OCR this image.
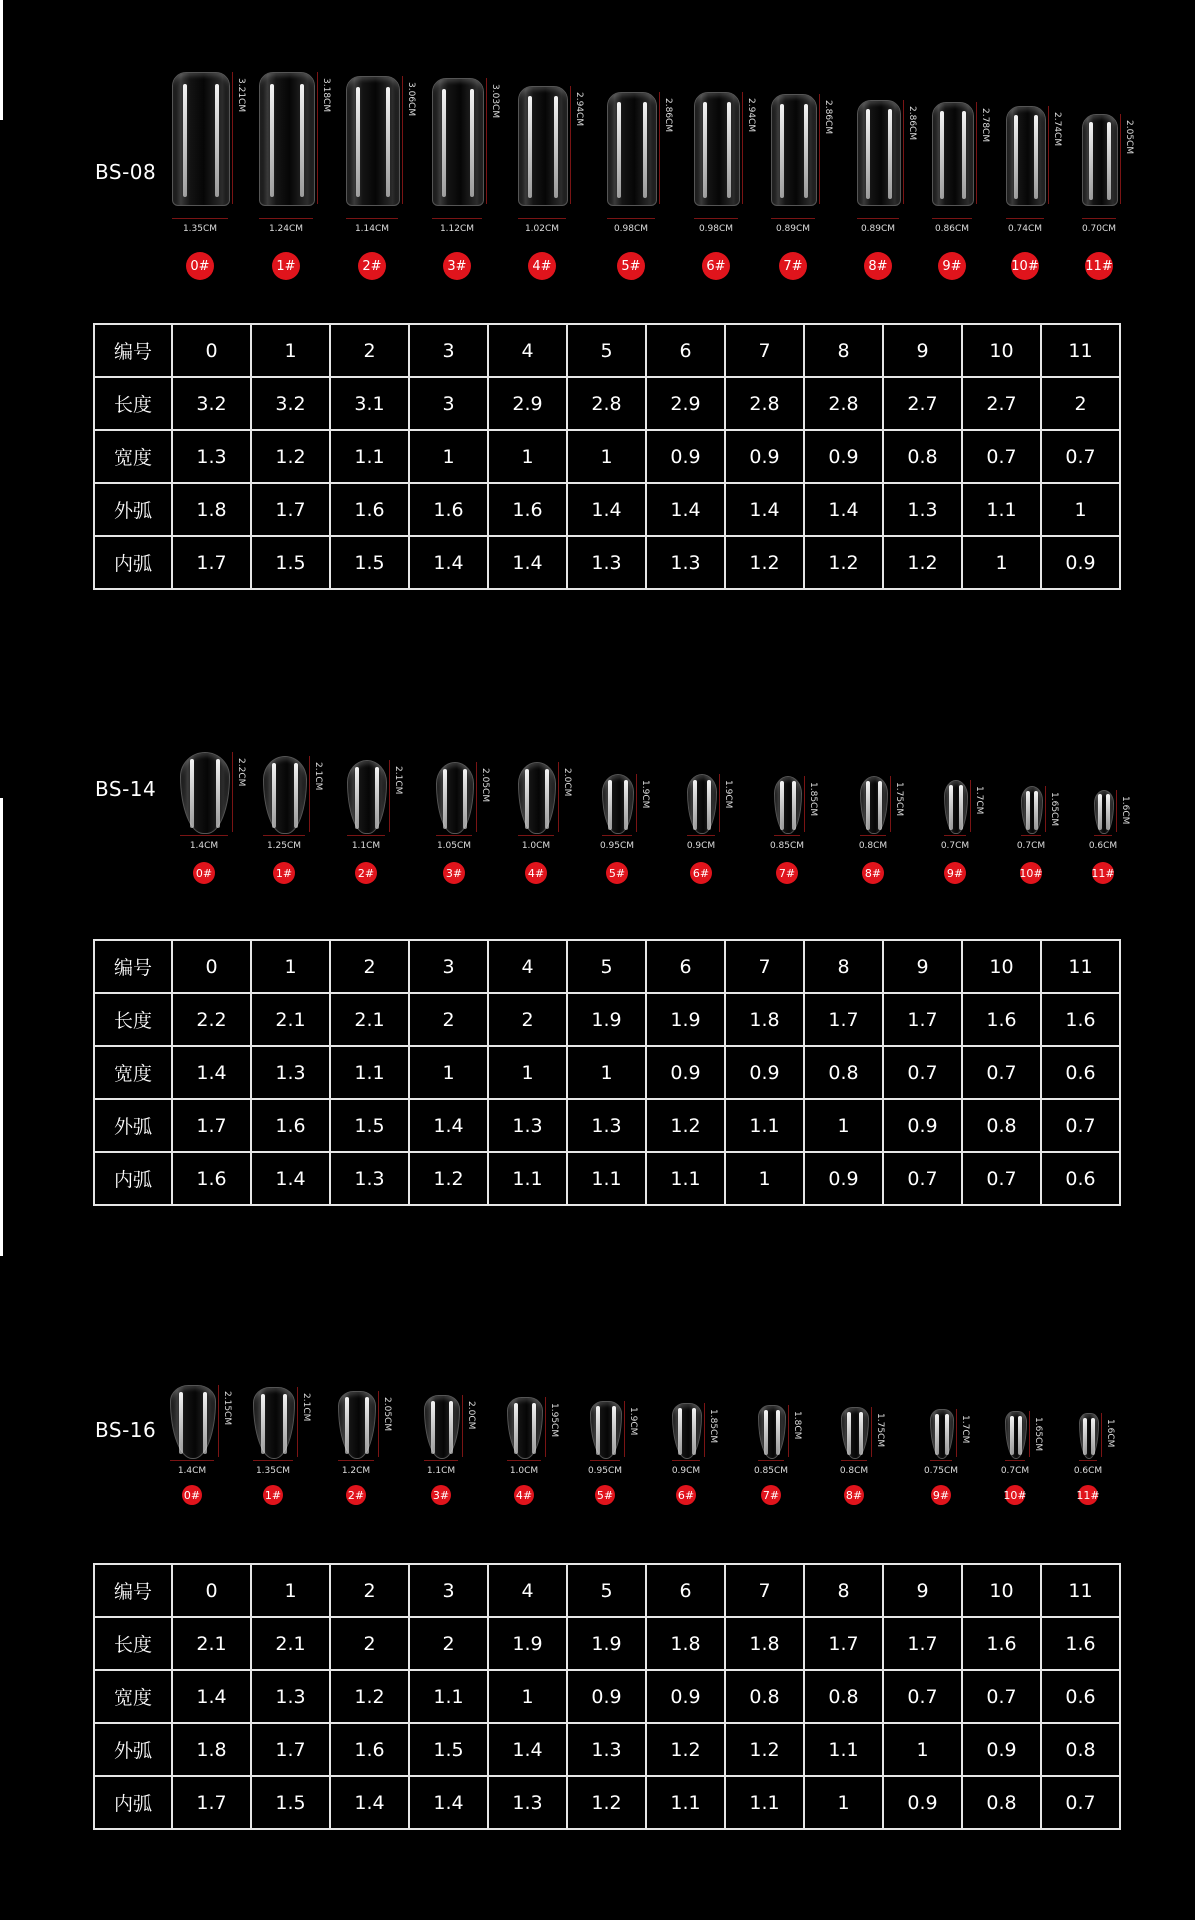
BS-08
3.21CM
1.35CM
0#
3.18CM
1.24CM
1#
3.06CM
1.14CM
2#
3.03CM
1.12CM
3#
2.94CM
1.02CM
4#
2.86CM
0.98CM
5#
2.94CM
0.98CM
6#
2.86CM
0.89CM
7#
2.86CM
0.89CM
8#
2.78CM
0.86CM
9#
2.74CM
0.74CM
10#
2.05CM
0.70CM
11#
编号	0	1	2	3	4	5	6	7	8	9	10	11
长度	3.2	3.2	3.1	3	2.9	2.8	2.9	2.8	2.8	2.7	2.7	2
宽度	1.3	1.2	1.1	1	1	1	0.9	0.9	0.9	0.8	0.7	0.7
外弧	1.8	1.7	1.6	1.6	1.6	1.4	1.4	1.4	1.4	1.3	1.1	1
内弧	1.7	1.5	1.5	1.4	1.4	1.3	1.3	1.2	1.2	1.2	1	0.9
BS-14
2.2CM
1.4CM
0#
2.1CM
1.25CM
1#
2.1CM
1.1CM
2#
2.05CM
1.05CM
3#
2.0CM
1.0CM
4#
1.9CM
0.95CM
5#
1.9CM
0.9CM
6#
1.85CM
0.85CM
7#
1.75CM
0.8CM
8#
1.7CM
0.7CM
9#
1.65CM
0.7CM
10#
1.6CM
0.6CM
11#
编号	0	1	2	3	4	5	6	7	8	9	10	11
长度	2.2	2.1	2.1	2	2	1.9	1.9	1.8	1.7	1.7	1.6	1.6
宽度	1.4	1.3	1.1	1	1	1	0.9	0.9	0.8	0.7	0.7	0.6
外弧	1.7	1.6	1.5	1.4	1.3	1.3	1.2	1.1	1	0.9	0.8	0.7
内弧	1.6	1.4	1.3	1.2	1.1	1.1	1.1	1	0.9	0.7	0.7	0.6
BS-16
2.15CM
1.4CM
0#
2.1CM
1.35CM
1#
2.05CM
1.2CM
2#
2.0CM
1.1CM
3#
1.95CM
1.0CM
4#
1.9CM
0.95CM
5#
1.85CM
0.9CM
6#
1.8CM
0.85CM
7#
1.75CM
0.8CM
8#
1.7CM
0.75CM
9#
1.65CM
0.7CM
10#
1.6CM
0.6CM
11#
编号	0	1	2	3	4	5	6	7	8	9	10	11
长度	2.1	2.1	2	2	1.9	1.9	1.8	1.8	1.7	1.7	1.6	1.6
宽度	1.4	1.3	1.2	1.1	1	0.9	0.9	0.8	0.8	0.7	0.7	0.6
外弧	1.8	1.7	1.6	1.5	1.4	1.3	1.2	1.2	1.1	1	0.9	0.8
内弧	1.7	1.5	1.4	1.4	1.3	1.2	1.1	1.1	1	0.9	0.8	0.7
